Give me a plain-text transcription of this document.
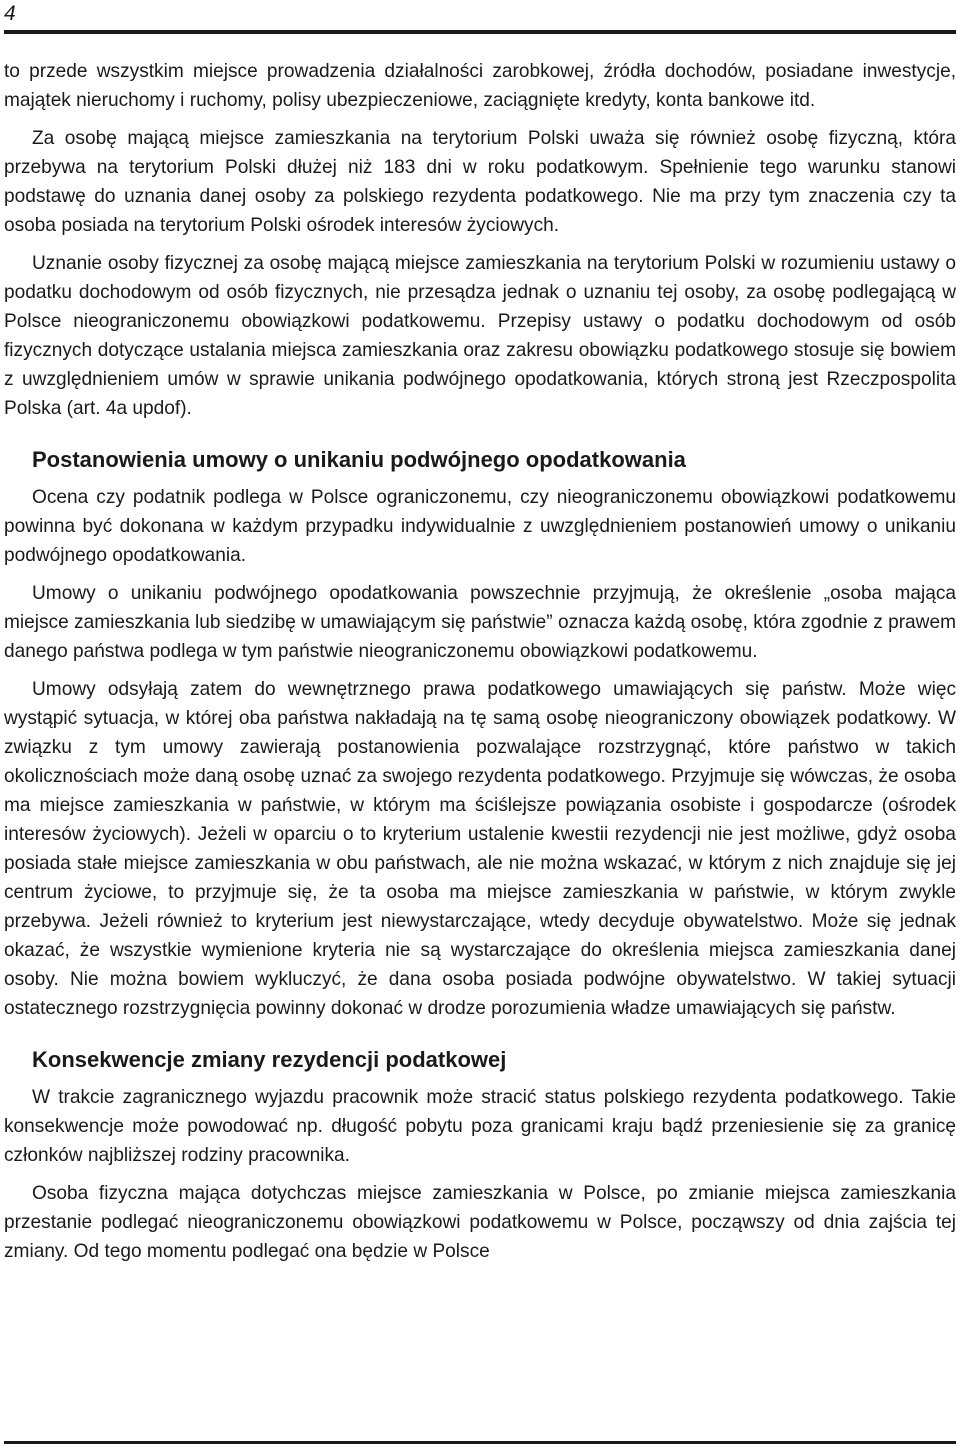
4

to przede wszystkim miejsce prowadzenia działalności zarobkowej, źródła dochodów, posiadane inwestycje, majątek nieruchomy i ruchomy, polisy ubezpieczeniowe, zaciągnięte kredyty, konta bankowe itd.

Za osobę mającą miejsce zamieszkania na terytorium Polski uważa się również osobę fizyczną, która przebywa na terytorium Polski dłużej niż 183 dni w roku podatkowym. Spełnienie tego warunku stanowi podstawę do uznania danej osoby za polskiego rezydenta podatkowego. Nie ma przy tym znaczenia czy ta osoba posiada na terytorium Polski ośrodek interesów życiowych.

Uznanie osoby fizycznej za osobę mającą miejsce zamieszkania na terytorium Polski w rozumieniu ustawy o podatku dochodowym od osób fizycznych, nie przesądza jednak o uznaniu tej osoby, za osobę podlegającą w Polsce nieograniczonemu obowiązkowi podatkowemu. Przepisy ustawy o podatku dochodowym od osób fizycznych dotyczące ustalania miejsca zamieszkania oraz zakresu obowiązku podatkowego stosuje się bowiem z uwzględnieniem umów w sprawie unikania podwójnego opodatkowania, których stroną jest Rzeczpospolita Polska (art. 4a updof).

Postanowienia umowy o unikaniu podwójnego opodatkowania

Ocena czy podatnik podlega w Polsce ograniczonemu, czy nieograniczonemu obowiązkowi podatkowemu powinna być dokonana w każdym przypadku indywidualnie z uwzględnieniem postanowień umowy o unikaniu podwójnego opodatkowania.

Umowy o unikaniu podwójnego opodatkowania powszechnie przyjmują, że określenie „osoba mająca miejsce zamieszkania lub siedzibę w umawiającym się państwie” oznacza każdą osobę, która zgodnie z prawem danego państwa podlega w tym państwie nieograniczonemu obowiązkowi podatkowemu.

Umowy odsyłają zatem do wewnętrznego prawa podatkowego umawiających się państw. Może więc wystąpić sytuacja, w której oba państwa nakładają na tę samą osobę nieograniczony obowiązek podatkowy. W związku z tym umowy zawierają postanowienia pozwalające rozstrzygnąć, które państwo w takich okolicznościach może daną osobę uznać za swojego rezydenta podatkowego. Przyjmuje się wówczas, że osoba ma miejsce zamieszkania w państwie, w którym ma ściślejsze powiązania osobiste i gospodarcze (ośrodek interesów życiowych). Jeżeli w oparciu o to kryterium ustalenie kwestii rezydencji nie jest możliwe, gdyż osoba posiada stałe miejsce zamieszkania w obu państwach, ale nie można wskazać, w którym z nich znajduje się jej centrum życiowe, to przyjmuje się, że ta osoba ma miejsce zamieszkania w państwie, w którym zwykle przebywa. Jeżeli również to kryterium jest niewystarczające, wtedy decyduje obywatelstwo. Może się jednak okazać, że wszystkie wymienione kryteria nie są wystarczające do określenia miejsca zamieszkania danej osoby. Nie można bowiem wykluczyć, że dana osoba posiada podwójne obywatelstwo. W takiej sytuacji ostatecznego rozstrzygnięcia powinny dokonać w drodze porozumienia władze umawiających się państw.

Konsekwencje zmiany rezydencji podatkowej

W trakcie zagranicznego wyjazdu pracownik może stracić status polskiego rezydenta podatkowego. Takie konsekwencje może powodować np. długość pobytu poza granicami kraju bądź przeniesienie się za granicę członków najbliższej rodziny pracownika.

Osoba fizyczna mająca dotychczas miejsce zamieszkania w Polsce, po zmianie miejsca zamieszkania przestanie podlegać nieograniczonemu obowiązkowi podatkowemu w Polsce, począwszy od dnia zajścia tej zmiany. Od tego momentu podlegać ona będzie w Polsce
